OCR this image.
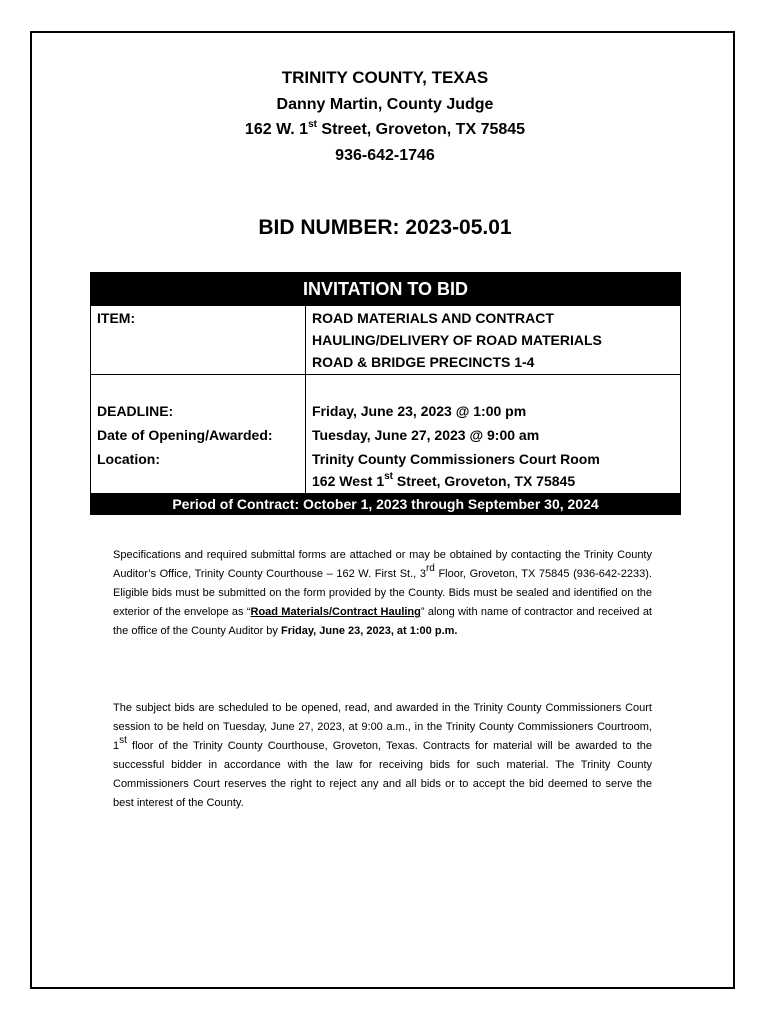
TRINITY COUNTY, TEXAS
Danny Martin, County Judge
162 W. 1st Street, Groveton, TX 75845
936-642-1746
BID NUMBER: 2023-05.01
INVITATION TO BID	
ITEM:	ROAD MATERIALS AND CONTRACT
HAULING/DELIVERY OF ROAD MATERIALS
ROAD & BRIDGE PRECINCTS 1-4

DEADLINE:	Friday, June 23, 2023 @ 1:00 pm
Date of Opening/Awarded:	Tuesday, June 27, 2023 @ 9:00 am
Location:	Trinity County Commissioners Court Room
162 West 1st Street, Groveton, TX 75845

Period of Contract: October 1, 2023 through September 30, 2024	
Specifications and required submittal forms are attached or may be obtained by contacting the Trinity County Auditor’s Office, Trinity County Courthouse – 162 W. First St., 3rd Floor, Groveton, TX 75845 (936-642-2233). Eligible bids must be submitted on the form provided by the County. Bids must be sealed and identified on the exterior of the envelope as “Road Materials/Contract Hauling” along with name of contractor and received at the office of the County Auditor by Friday, June 23, 2023, at 1:00 p.m.
The subject bids are scheduled to be opened, read, and awarded in the Trinity County Commissioners Court session to be held on Tuesday, June 27, 2023, at 9:00 a.m., in the Trinity County Commissioners Courtroom, 1st floor of the Trinity County Courthouse, Groveton, Texas. Contracts for material will be awarded to the successful bidder in accordance with the law for receiving bids for such material. The Trinity County Commissioners Court reserves the right to reject any and all bids or to accept the bid deemed to serve the best interest of the County.
